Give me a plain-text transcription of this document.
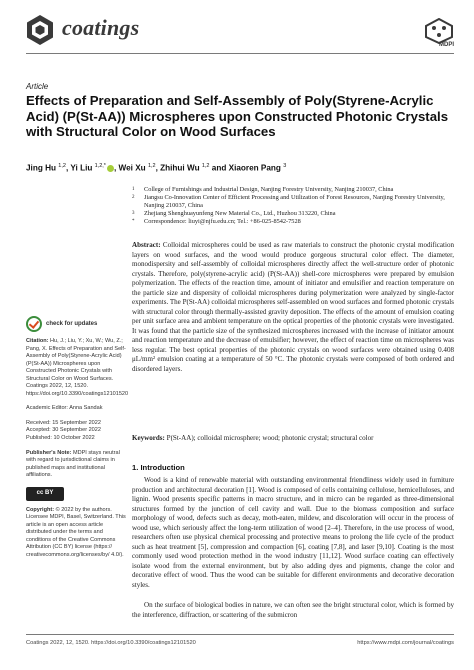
coatings
MDPI
Article
Effects of Preparation and Self-Assembly of Poly(Styrene-Acrylic Acid) (P(St-AA)) Microspheres upon Constructed Photonic Crystals with Structural Color on Wood Surfaces
Jing Hu $^{1,2}$, Yi Liu $^{1,2,*}$ , Wei Xu $^{1,2}$, Zhihui Wu $^{1,2}$ and Xiaoren Pang $^3$
1	College of Furnishings and Industrial Design, Nanjing Forestry University, Nanjing 210037, China
2	Jiangsu Co-Innovation Center of Efficient Processing and Utilization of Forest Resources, Nanjing Forestry University, Nanjing 210037, China
3	Zhejiang Shenghuayunfeng New Material Co., Ltd., Huzhou 313220, China
*	Correspondence: liuyi@njfu.edu.cn; Tel.: +86-025-8542-7528
Abstract: Colloidal microspheres could be used as raw materials to construct the photonic crystal modification layers on wood surfaces, and the wood would produce gorgeous structural color effect. The diameter, monodispersity and self-assembly of colloidal microspheres directly affect the well-structure order of photonic crystals. Therefore, poly(styrene-acrylic acid) (P(St-AA)) shell-core microspheres were prepared by emulsion polymerization. The effects of the reaction time, amount of initiator and emulsifier and reaction temperature on the particle size and dispersity of colloidal microspheres during polymerization were analyzed by single-factor experiments. The P(St-AA) colloidal microspheres self-assembled on wood surfaces and formed photonic crystals with structural color through thermally-assisted gravity deposition. The effects of the amount of emulsion coating per unit surface area and ambient temperature on the optical properties of the photonic crystals were investigated. It was found that the particle size of the synthesized microspheres increased with the increase of initiator amount and reaction temperature and the decrease of emulsifier; however, the effect of reaction time on microspheres was less regular. The best optical properties of the photonic crystals on wood surfaces were obtained using 0.408 μL/mm² emulsion coating at a temperature of 50 °C. The photonic crystals were composed of both ordered and disordered layers.
Keywords: P(St-AA); colloidal microsphere; wood; photonic crystal; structural color
check for updates
Citation: Hu, J.; Liu, Y.; Xu, W.; Wu, Z.; Pang, X. Effects of Preparation and Self-Assembly of Poly(Styrene-Acrylic Acid) (P(St-AA)) Microspheres upon Constructed Photonic Crystals with Structural Color on Wood Surfaces. Coatings 2022, 12, 1520. https://doi.org/10.3390/coatings12101520
Academic Editor: Anna Sandak
Received: 15 September 2022
Accepted: 30 September 2022
Published: 10 October 2022
Publisher's Note: MDPI stays neutral with regard to jurisdictional claims in published maps and institutional affiliations.
cc BY
Copyright: © 2022 by the authors. Licensee MDPI, Basel, Switzerland. This article is an open access article distributed under the terms and conditions of the Creative Commons Attribution (CC BY) license (https:// creativecommons.org/licenses/by/ 4.0/).
1. Introduction

Wood is a kind of renewable material with outstanding environmental friendliness widely used in furniture production and architectural decoration [1]. Wood is composed of cells containing cellulose, hemicelluloses, and lignin. Wood presents specific patterns in macro structure, and in micro can be regarded as three-dimensional structures formed by the junction of cell cavity and wall. Due to the biomass composition and surface morphology of wood, defects such as decay, moth-eaten, mildew, and discoloration will occur in the process of wood use, which seriously affect the long-term utilization of wood [2–4]. Therefore, in the use process of wood, researchers often use physical chemical processing and protective means to prolong the life cycle of the product such as heat treatment [5], compression and compaction [6], coating [7,8], and laser [9,10]. Coating is the most commonly used wood protection method in the wood industry [11,12]. Wood surface coating can effectively isolate wood from the external environment, but by also adding dyes and pigments, change the color and decorative effect of wood. Thus the wood can be suitable for different environments and decorative decoration styles.

On the surface of biological bodies in nature, we can often see the bright structural color, which is formed by the interference, diffraction, or scattering of the submicron

Coatings 2022, 12, 1520. https://doi.org/10.3390/coatings12101520	https://www.mdpi.com/journal/coatings
